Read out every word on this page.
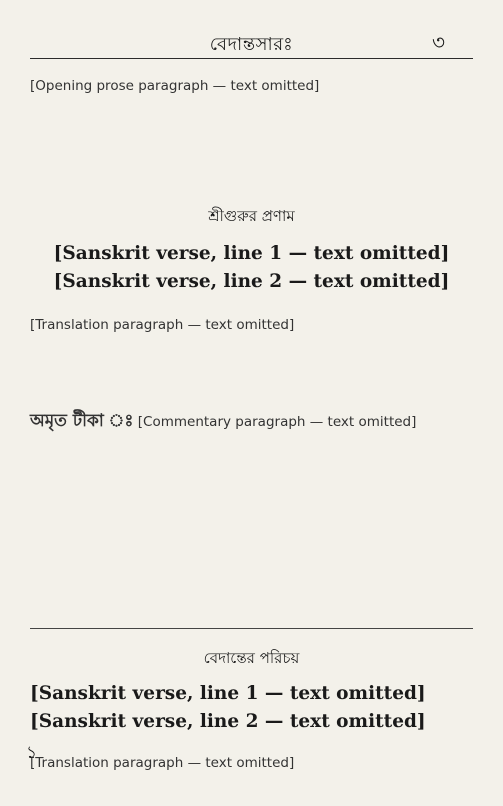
বেদান্তসারঃ	৩
[Opening prose paragraph — text omitted]
শ্রীগুরুর প্রণাম
[Sanskrit verse, line 1 — text omitted]
[Sanskrit verse, line 2 — text omitted]
[Translation paragraph — text omitted]
অমৃত টীকা ঃ [Commentary paragraph — text omitted]
বেদান্তের পরিচয়
[Sanskrit verse, line 1 — text omitted]
[Sanskrit verse, line 2 — text omitted]
[Translation paragraph — text omitted]
১
